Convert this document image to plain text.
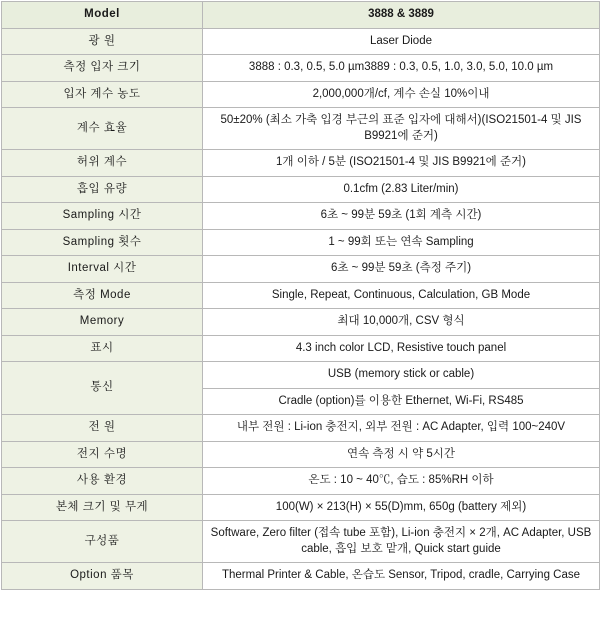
Model	3888 & 3889
광 원	Laser Diode
측정 입자 크기	3888 : 0.3, 0.5, 5.0 µm3889 : 0.3, 0.5, 1.0, 3.0, 5.0, 10.0 µm
입자 계수 농도	2,000,000개/cf, 계수 손실 10%이내
계수 효율	50±20% (최소 가축 입경 부근의 표준 입자에 대해서)(ISO21501-4 및 JIS B9921에 준거)
허위 계수	1개 이하 / 5분 (ISO21501-4 및 JIS B9921에 준거)
흡입 유량	0.1cfm (2.83 Liter/min)
Sampling 시간	6초 ~ 99분 59초 (1회 계측 시간)
Sampling 횟수	1 ~ 99회 또는 연속 Sampling
Interval 시간	6초 ~ 99분 59초 (측정 주기)
측정 Mode	Single, Repeat, Continuous, Calculation, GB Mode
Memory	최대 10,000개, CSV 형식
표시	4.3 inch color LCD, Resistive touch panel
통신	USB (memory stick or cable)
	Cradle (option)를 이용한 Ethernet, Wi-Fi, RS485
전 원	내부 전원 : Li-ion 충전지, 외부 전원 : AC Adapter, 입력 100~240V
전지 수명	연속 측정 시 약 5시간
사용 환경	온도 : 10 ~ 40℃, 습도 : 85%RH 이하
본체 크기 및 무게	100(W) × 213(H) × 55(D)mm, 650g (battery 제외)
구성품	Software, Zero filter (접속 tube 포함), Li-ion 충전지 × 2개, AC Adapter, USB cable, 흡입 보호 맡개, Quick start guide
Option 품목	Thermal Printer & Cable, 온습도 Sensor, Tripod, cradle, Carrying Case
